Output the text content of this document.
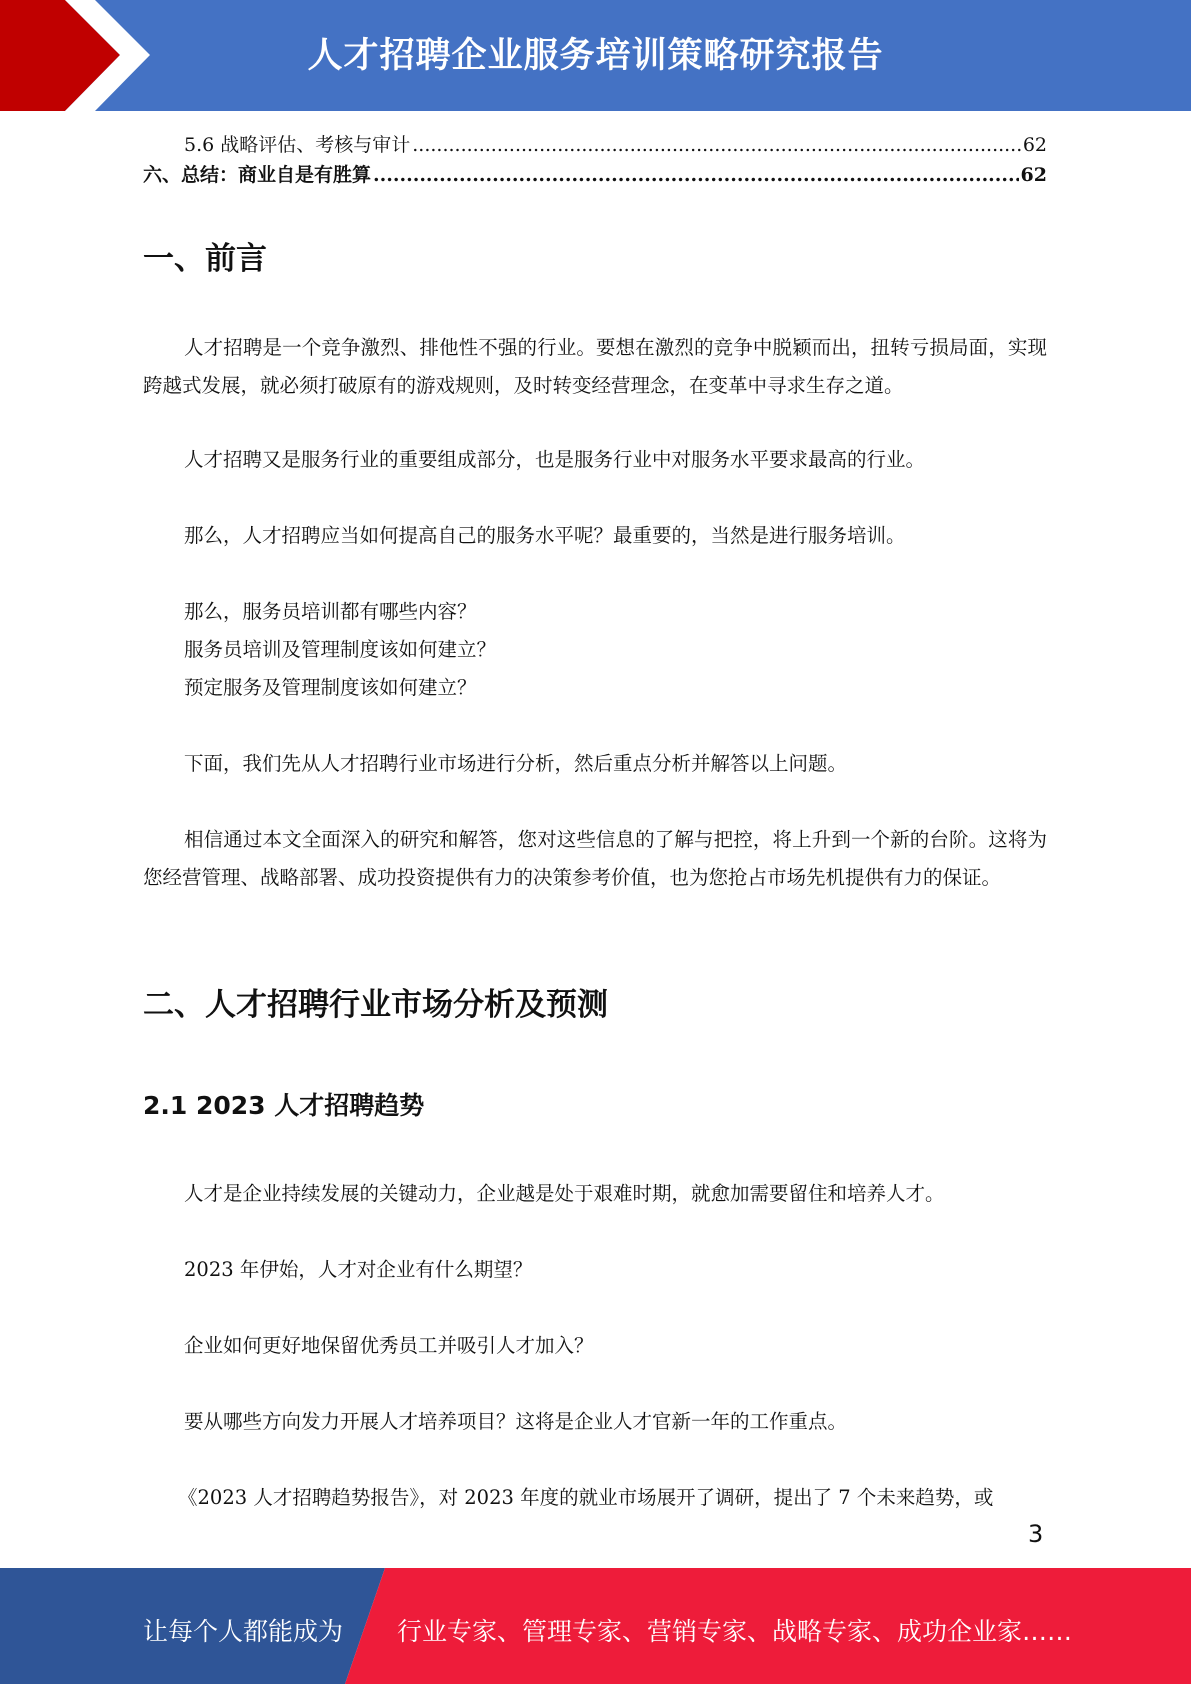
人才招聘企业服务培训策略研究报告
5.6 战略评估、考核与审计 .....	62
六、总结：商业自是有胜算 .....	62
一、前言

人才招聘是一个竞争激烈、排他性不强的行业。要想在激烈的竞争中脱颖而出，扭转亏损局面，实现跨越式发展，就必须打破原有的游戏规则，及时转变经营理念，在变革中寻求生存之道。

人才招聘又是服务行业的重要组成部分，也是服务行业中对服务水平要求最高的行业。

那么，人才招聘应当如何提高自己的服务水平呢？最重要的，当然是进行服务培训。

那么，服务员培训都有哪些内容？

服务员培训及管理制度该如何建立？

预定服务及管理制度该如何建立？

下面，我们先从人才招聘行业市场进行分析，然后重点分析并解答以上问题。

相信通过本文全面深入的研究和解答，您对这些信息的了解与把控，将上升到一个新的台阶。这将为您经营管理、战略部署、成功投资提供有力的决策参考价值，也为您抢占市场先机提供有力的保证。

二、人才招聘行业市场分析及预测
2.1 2023 人才招聘趋势

人才是企业持续发展的关键动力，企业越是处于艰难时期，就愈加需要留住和培养人才。

2023 年伊始，人才对企业有什么期望？

企业如何更好地保留优秀员工并吸引人才加入？

要从哪些方向发力开展人才培养项目？这将是企业人才官新一年的工作重点。

《2023 人才招聘趋势报告》，对 2023 年度的就业市场展开了调研，提出了 7 个未来趋势，或

3
让每个人都能成为 行业专家、管理专家、营销专家、战略专家、成功企业家……
